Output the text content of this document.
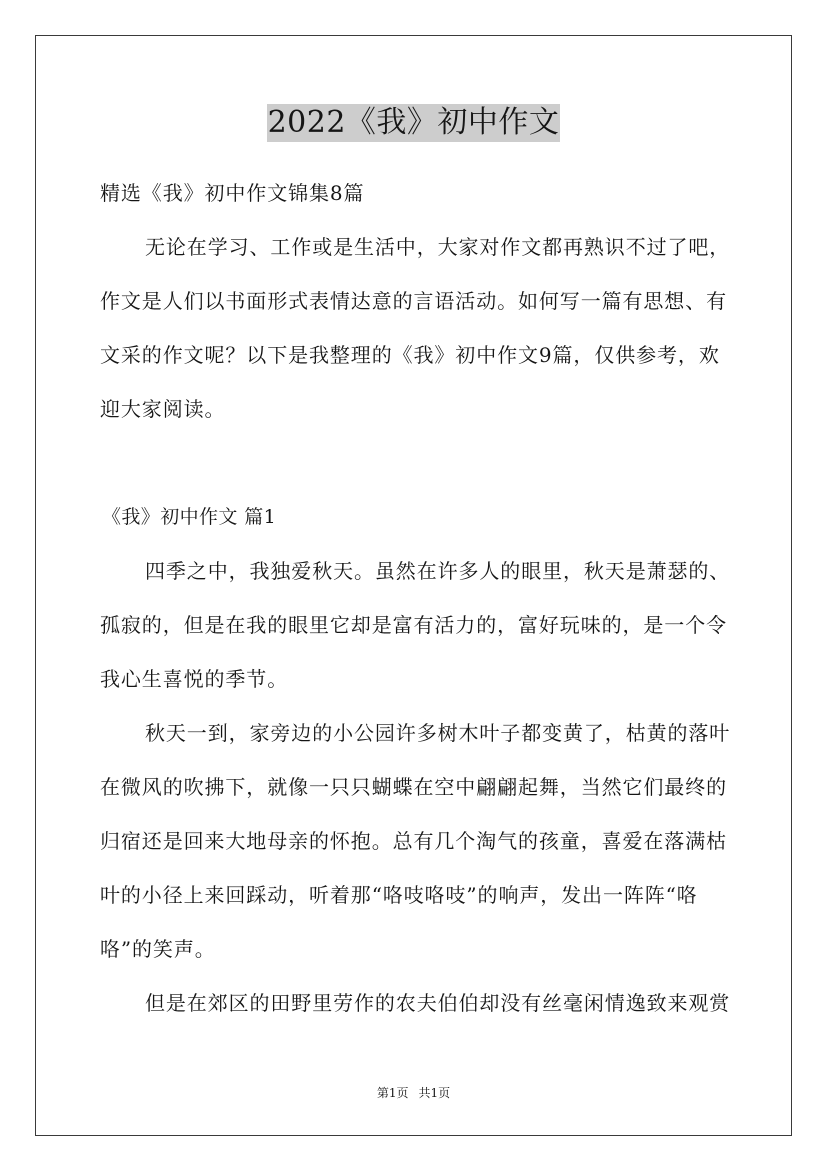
2022《我》初中作文
精选《我》初中作文锦集8篇
无论在学习、工作或是生活中，大家对作文都再熟识不过了吧，
作文是人们以书面形式表情达意的言语活动。如何写一篇有思想、有
文采的作文呢？以下是我整理的《我》初中作文9篇，仅供参考，欢
迎大家阅读。
《我》初中作文 篇1
四季之中，我独爱秋天。虽然在许多人的眼里，秋天是萧瑟的、
孤寂的，但是在我的眼里它却是富有活力的，富好玩味的，是一个令
我心生喜悦的季节。
秋天一到，家旁边的小公园许多树木叶子都变黄了，枯黄的落叶
在微风的吹拂下，就像一只只蝴蝶在空中翩翩起舞，当然它们最终的
归宿还是回来大地母亲的怀抱。总有几个淘气的孩童，喜爱在落满枯
叶的小径上来回踩动，听着那“咯吱咯吱”的响声，发出一阵阵“咯
咯”的笑声。
但是在郊区的田野里劳作的农夫伯伯却没有丝毫闲情逸致来观赏
第1页 共1页
